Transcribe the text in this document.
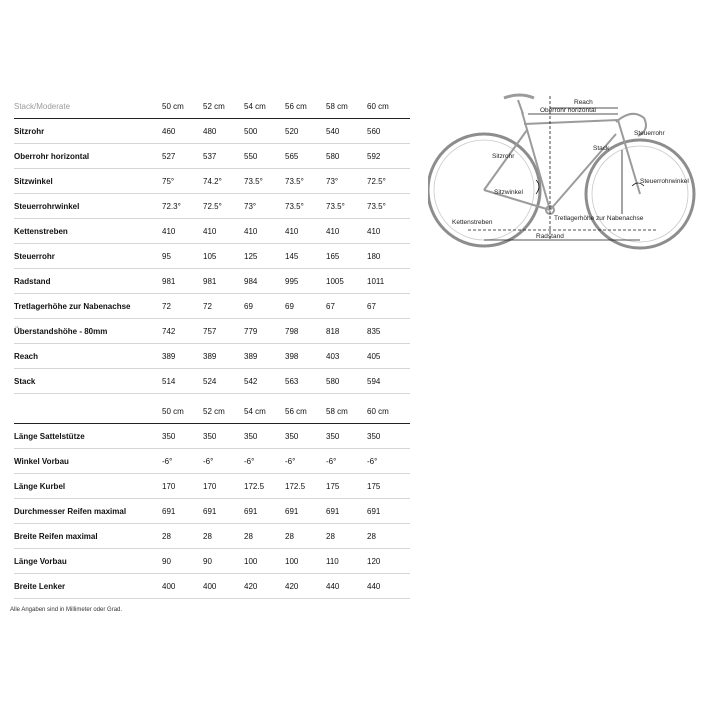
Stack/Moderate	50 cm	52 cm	54 cm	56 cm	58 cm	60 cm
Sitzrohr	460	480	500	520	540	560
Oberrohr horizontal	527	537	550	565	580	592
Sitzwinkel	75°	74.2°	73.5°	73.5°	73°	72.5°
Steuerrohrwinkel	72.3°	72.5°	73°	73.5°	73.5°	73.5°
Kettenstreben	410	410	410	410	410	410
Steuerrohr	95	105	125	145	165	180
Radstand	981	981	984	995	1005	1011
Tretlagerhöhe zur Nabenachse	72	72	69	69	67	67
Überstandshöhe - 80mm	742	757	779	798	818	835
Reach	389	389	389	398	403	405
Stack	514	524	542	563	580	594
50 cm	52 cm	54 cm	56 cm	58 cm	60 cm
Länge Sattelstütze	350	350	350	350	350	350
Winkel Vorbau	-6°	-6°	-6°	-6°	-6°	-6°
Länge Kurbel	170	170	172.5	172.5	175	175
Durchmesser Reifen maximal	691	691	691	691	691	691
Breite Reifen maximal	28	28	28	28	28	28
Länge Vorbau	90	90	100	100	110	120
Breite Lenker	400	400	420	420	440	440
Alle Angaben sind in Millimeter oder Grad.
Reach
Oberrohr horizontal
Steuerrohr
Stack
Sitzrohr
Sitzwinkel
Steuerrohrwinkel
Kettenstreben
Tretlagerhöhe zur Nabenachse
Radstand
